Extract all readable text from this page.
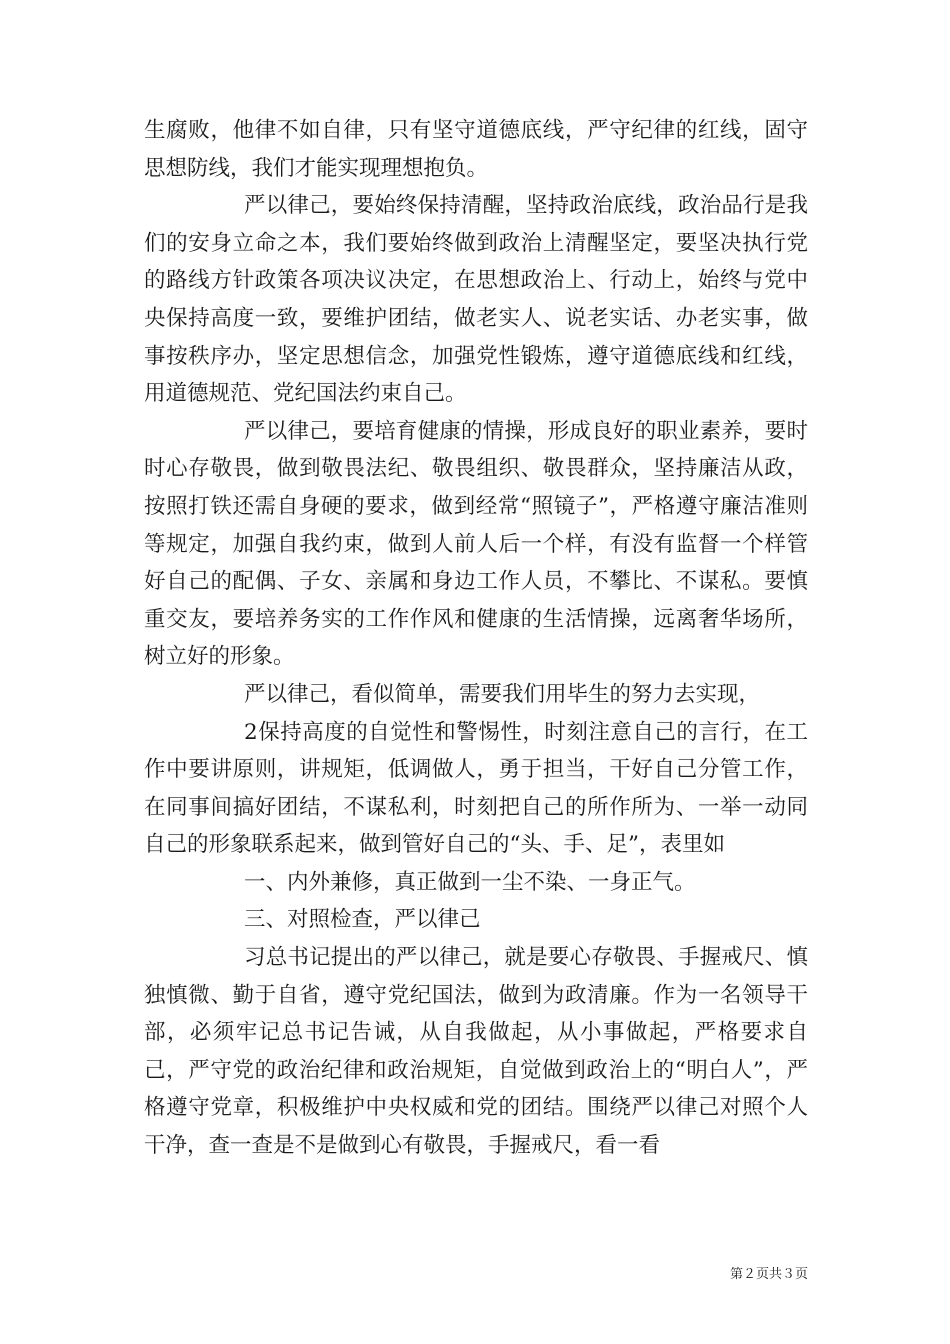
生腐败，他律不如自律，只有坚守道德底线，严守纪律的红线，固守思想防线，我们才能实现理想抱负。

严以律己，要始终保持清醒，坚持政治底线，政治品行是我们的安身立命之本，我们要始终做到政治上清醒坚定，要坚决执行党的路线方针政策各项决议决定，在思想政治上、行动上，始终与党中央保持高度一致，要维护团结，做老实人、说老实话、办老实事，做事按秩序办，坚定思想信念，加强党性锻炼，遵守道德底线和红线，用道德规范、党纪国法约束自己。

严以律己，要培育健康的情操，形成良好的职业素养，要时时心存敬畏，做到敬畏法纪、敬畏组织、敬畏群众，坚持廉洁从政，按照打铁还需自身硬的要求，做到经常“照镜子”，严格遵守廉洁准则等规定，加强自我约束，做到人前人后一个样，有没有监督一个样管好自己的配偶、子女、亲属和身边工作人员，不攀比、不谋私。要慎重交友，要培养务实的工作作风和健康的生活情操，远离奢华场所，树立好的形象。

严以律己，看似简单，需要我们用毕生的努力去实现，

2保持高度的自觉性和警惕性，时刻注意自己的言行，在工作中要讲原则，讲规矩，低调做人，勇于担当，干好自己分管工作，在同事间搞好团结，不谋私利，时刻把自己的所作所为、一举一动同自己的形象联系起来，做到管好自己的“头、手、足”，表里如

一、内外兼修，真正做到一尘不染、一身正气。

三、对照检查，严以律己

习总书记提出的严以律己，就是要心存敬畏、手握戒尺、慎独慎微、勤于自省，遵守党纪国法，做到为政清廉。作为一名领导干部，必须牢记总书记告诫，从自我做起，从小事做起，严格要求自己，严守党的政治纪律和政治规矩，自觉做到政治上的“明白人”，严格遵守党章，积极维护中央权威和党的团结。围绕严以律己对照个人干净，查一查是不是做到心有敬畏，手握戒尺，看一看

第２页共３页
